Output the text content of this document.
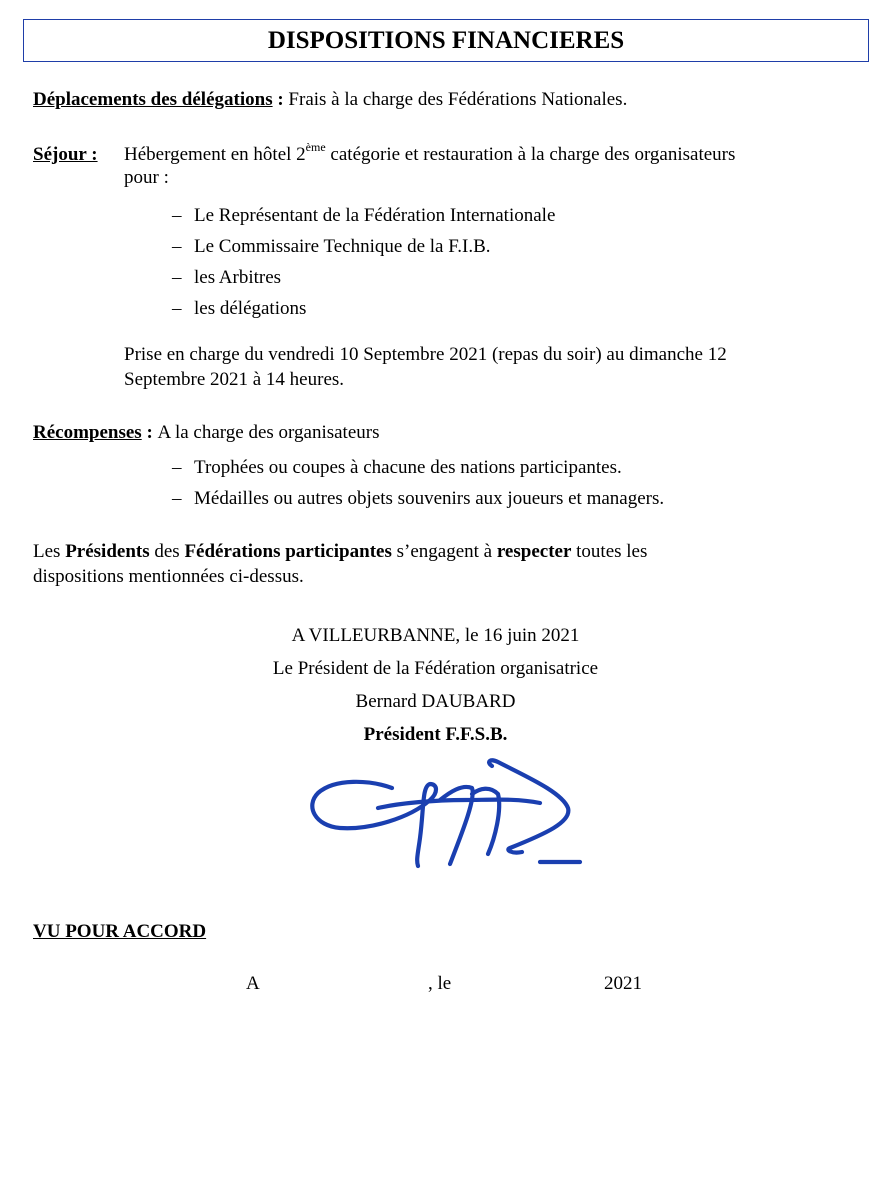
DISPOSITIONS FINANCIERES
Déplacements des délégations : Frais à la charge des Fédérations Nationales.
Séjour : Hébergement en hôtel 2ème catégorie et restauration à la charge des organisateurs
pour :
– Le Représentant de la Fédération Internationale
– Le Commissaire Technique de la F.I.B.
– les Arbitres
– les délégations
Prise en charge du vendredi 10 Septembre 2021 (repas du soir) au dimanche 12
Septembre 2021 à 14 heures.
Récompenses : A la charge des organisateurs
– Trophées ou coupes à chacune des nations participantes.
– Médailles ou autres objets souvenirs aux joueurs et managers.
Les Présidents des Fédérations participantes s’engagent à respecter toutes les
dispositions mentionnées ci-dessus.
A VILLEURBANNE, le 16 juin 2021
Le Président de la Fédération organisatrice
Bernard DAUBARD
Président F.F.S.B.
VU POUR ACCORD
A	, le	2021
